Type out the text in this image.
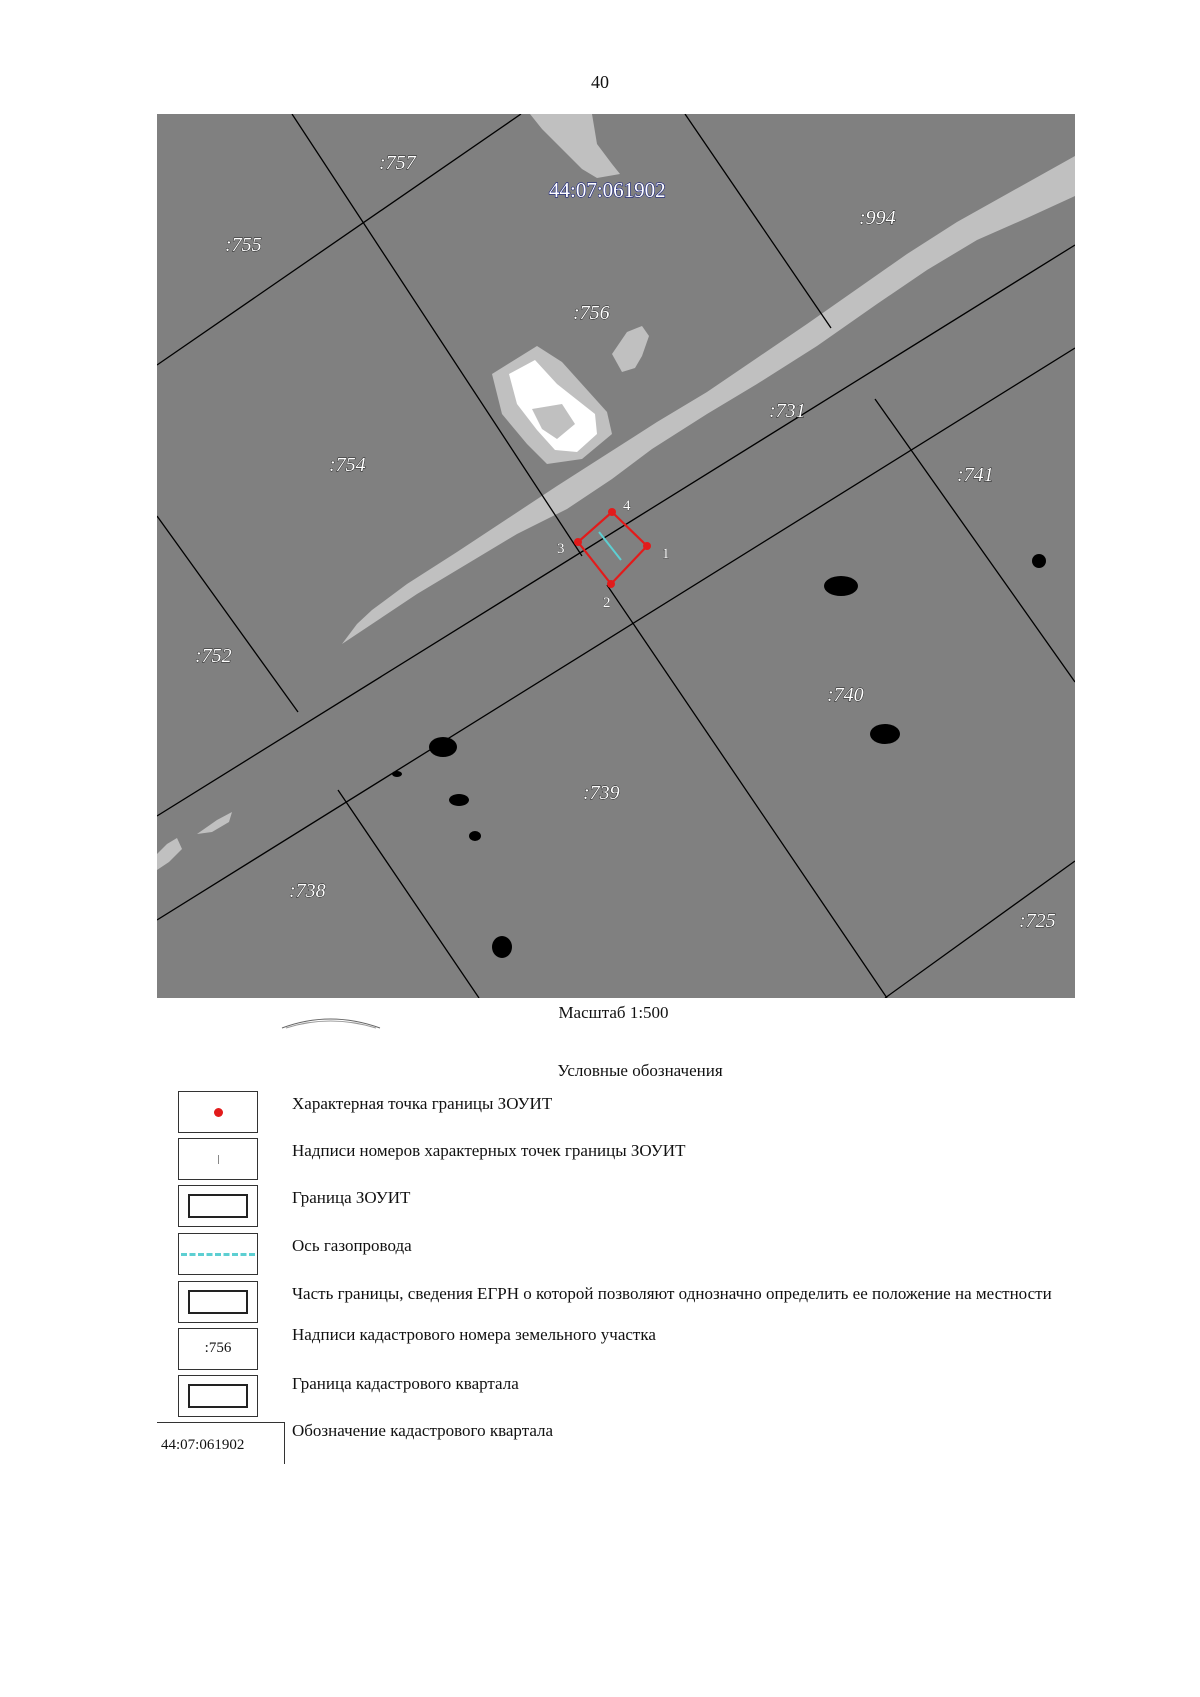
40
1
2
3
4
44:07:061902
:757
:755
:994
:756
:731
:754	:741
:752
:740
:739
:738
:725
Масштаб 1:500
Условные обозначения
Характерная точка границы ЗОУИТ
Надписи номеров характерных точек границы ЗОУИТ
Граница ЗОУИТ
Ось газопровода
Часть границы, сведения ЕГРН о которой позволяют однозначно определить ее положение на местности
:756
Надписи кадастрового номера земельного участка
Граница кадастрового квартала
44:07:061902
Обозначение кадастрового квартала
